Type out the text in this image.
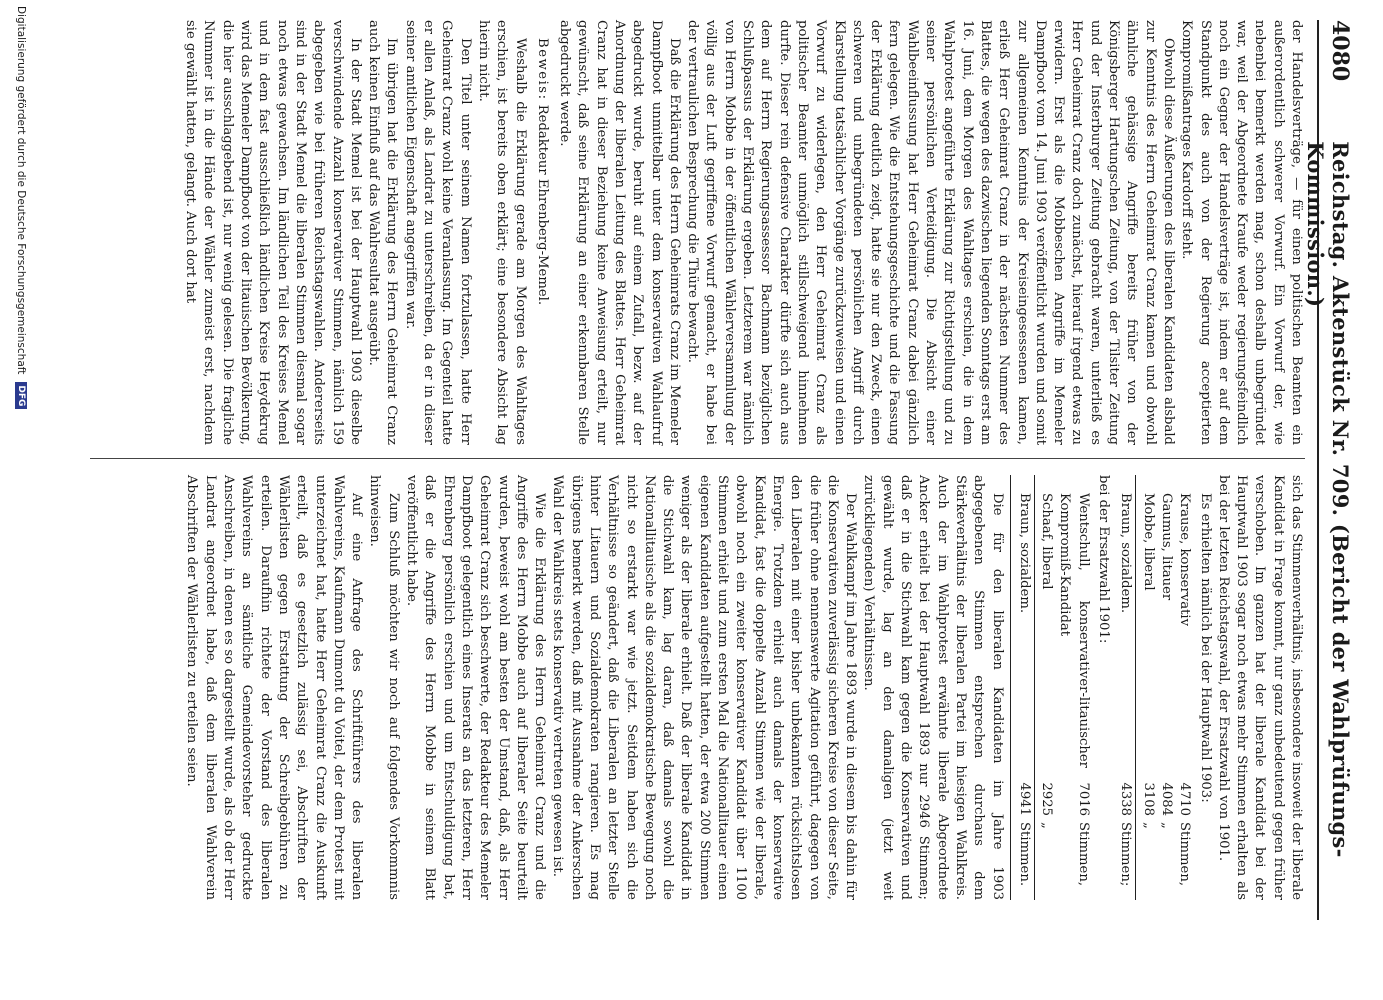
4080
Reichstag. Aktenstück Nr. 709. (Bericht der Wahlprüfungs-Kommission.)

der Handelsverträge, — für einen politischen Beamten ein außerordentlich schwerer Vorwurf. Ein Vorwurf der, wie nebenbei bemerkt werden mag, schon deshalb unbegründet war, weil der Abgeordnete Kraufe weder regierungsfeindlich noch ein Gegner der Handelsverträge ist, indem er auf dem Standpunkt des auch von der Regierung acceptierten Kompromißantrages Kardorff steht.

Obwohl diese Äußerungen des liberalen Kandidaten alsbald zur Kenntnis des Herrn Geheimrat Cranz kamen und obwohl ähnliche gehässige Angriffe bereits früher von der Königsberger Hartungschen Zeitung, von der Tilsiter Zeitung und der Insterburger Zeitung gebracht waren, unterließ es Herr Geheimrat Cranz doch zunächst, hierauf irgend etwas zu erwidern. Erst als die Mobbeschen Angriffe im Memeler Dampfboot vom 14. Juni 1903 veröffentlicht wurden und somit zur allgemeinen Kenntnis der Kreiseingesessenen kamen, erließ Herr Geheimrat Cranz in der nächsten Nummer des Blattes, die wegen des dazwischen liegenden Sonntags erst am 16. Juni, dem Morgen des Wahltages erschien, die in dem Wahlprotest angeführte Erklärung zur Richtigstellung und zu seiner persönlichen Verteidigung. Die Absicht einer Wahlbeeinflussung hat Herr Geheimrat Cranz dabei gänzlich fern gelegen. Wie die Entstehungsgeschichte und die Fassung der Erklärung deutlich zeigt, hatte sie nur den Zweck, einen schweren und unbegründeten persönlichen Angriff durch Klarstellung tatsächlicher Vorgänge zurückzuweisen und einen Vorwurf zu widerlegen, den Herr Geheimrat Cranz als politischer Beamter unmöglich stillschweigend hinnehmen durfte. Dieser rein defensive Charakter dürfte sich auch aus dem auf Herrn Regierungsassessor Bachmann bezüglichen Schlußpassus der Erklärung ergeben. Letzterem war nämlich von Herrn Mobbe in der öffentlichen Wählerversammlung der völlig aus der Luft gegriffene Vorwurf gemacht, er habe bei der vertraulichen Besprechung die Thüre bewacht.

Daß die Erklärung des Herrn Geheimrats Cranz im Memeler Dampfboot unmittelbar unter dem konservativen Wahlaufruf abgedruckt wurde, beruht auf einem Zufall, bezw. auf der Anordnung der liberalen Leitung des Blattes. Herr Geheimrat Cranz hat in dieser Beziehung keine Anweisung erteilt, nur gewünscht, daß seine Erklärung an einer erkennbaren Stelle abgedruckt werde.

Beweis: Redakteur Ehrenberg-Memel.

Weshalb die Erklärung gerade am Morgen des Wahltages erschien, ist bereits oben erklärt; eine besondere Absicht lag hierin nicht.

Den Titel unter seinem Namen fortzulassen, hatte Herr Geheimrat Cranz wohl keine Veranlassung. Im Gegenteil hatte er allen Anlaß, als Landrat zu unterschreiben, da er in dieser seiner amtlichen Eigenschaft angegriffen war.

Im übrigen hat die Erklärung des Herrn Geheimrat Cranz auch keinen Einfluß auf das Wahlresultat ausgeübt.

In der Stadt Memel ist bei der Hauptwahl 1903 dieselbe verschwindende Anzahl konservativer Stimmen, nämlich 159 abgegeben wie bei früheren Reichstagswahlen. Andererseits sind in der Stadt Memel die liberalen Stimmen diesmal sogar noch etwas gewachsen. Im ländlichen Teil des Kreises Memel und in dem fast ausschließlich ländlichen Kreise Heydekrug wird das Memeler Dampfboot von der litauischen Bevölkerung, die hier ausschlaggebend ist, nur wenig gelesen. Die fragliche Nummer ist in die Hände der Wähler zumeist erst, nachdem sie gewählt hatten, gelangt. Auch dort hat

sich das Stimmenverhältnis, insbesondere insoweit der liberale Kandidat in Frage kommt, nur ganz unbedeutend gegen früher verschoben. Im ganzen hat der liberale Kandidat bei der Hauptwahl 1903 sogar noch etwas mehr Stimmen erhalten als bei der letzten Reichstagswahl, der Ersatzwahl von 1901.

Es erhielten nämlich bei der Hauptwahl 1903:

Krause, konservativ
4710
Stimmen,
Gaumus, litauer
4084
„
Mobbe, liberal
3108
„
Braun, sozialdem.
4338
Stimmen;

bei der Ersatzwahl 1901:

Wentschull, konservativer-litauischer Kompromiß-Kandidat
7016
Stimmen,
Schaaf, liberal
2925
„
Braun, sozialdem.
4941
Stimmen.

Die für den liberalen Kandidaten im Jahre 1903 abgegebenen Stimmen entsprechen durchaus dem Stärkeverhältnis der liberalen Partei im hiesigen Wahlkreis. Auch der im Wahlprotest erwähnte liberale Abgeordnete Ancker erhielt bei der Hauptwahl 1893 nur 2946 Stimmen; daß er in die Stichwahl kam gegen die Konservativen und gewählt wurde, lag an den damaligen (jetzt weit zurückliegenden) Verhältnissen.

Der Wahlkampf im Jahre 1893 wurde in diesem bis dahin für die Konservativen zuverlässig sicheren Kreise von dieser Seite, die früher ohne nennenswerte Agitation geführt, dagegen von den Liberalen mit einer bisher unbekannten rücksichtslosen Energie. Trotzdem erhielt auch damals der konservative Kandidat, fast die doppelte Anzahl Stimmen wie der liberale, obwohl noch ein zweiter konservativer Kandidat über 1100 Stimmen erhielt und zum ersten Mal die Nationallitauer einen eigenen Kandidaten aufgestellt hatten, der etwa 200 Stimmen weniger als der liberale erhielt. Daß der liberale Kandidat in die Stichwahl kam, lag daran, daß damals sowohl die Nationallitauische als die sozialdemokratische Bewegung noch nicht so erstarkt war wie jetzt. Seitdem haben sich die Verhältnisse so geändert, daß die Liberalen an letzter Stelle hinter Litauern und Sozialdemokraten rangieren. Es mag übrigens bemerkt werden, daß mit Ausnahme der Ankerschen Wahl der Wahlkreis stets konservativ vertreten gewesen ist.

Wie die Erklärung des Herrn Geheimrat Cranz und die Angriffe des Herrn Mobbe auch auf liberaler Seite beurteilt wurden, beweist wohl am besten der Umstand, daß, als Herr Geheimrat Cranz sich beschwerte, der Redakteur des Memeler Dampfboot gelegentlich eines Inserats an das letzteren, Herr Ehrenberg persönlich erschien und um Entschuldigung bat, daß er die Angriffe des Herrn Mobbe in seinem Blatt veröffentlicht habe.

Zum Schluß möchten wir noch auf folgendes Vorkommnis hinweisen.

Auf eine Anfrage des Schriftführers des liberalen Wahlvereins, Kaufmann Dumont du Voitel, der dem Protest mit unterzeichnet hat, hatte Herr Geheimrat Cranz die Auskunft erteilt, daß es gesetzlich zulässig sei, Abschriften der Wählerlisten gegen Erstattung der Schreibgebühren zu erteilen. Daraufhin richtete der Vorstand des liberalen Wahlvereins an sämtliche Gemeindevorsteher gedruckte Anschreiben, in denen es so dargestellt wurde, als ob der Herr Landrat angeordnet habe, daß dem liberalen Wahlverein Abschriften der Wählerlisten zu erteilen seien.

Digitalisierung gefördert durch die Deutsche Forschungsgemeinschaft
DFG
